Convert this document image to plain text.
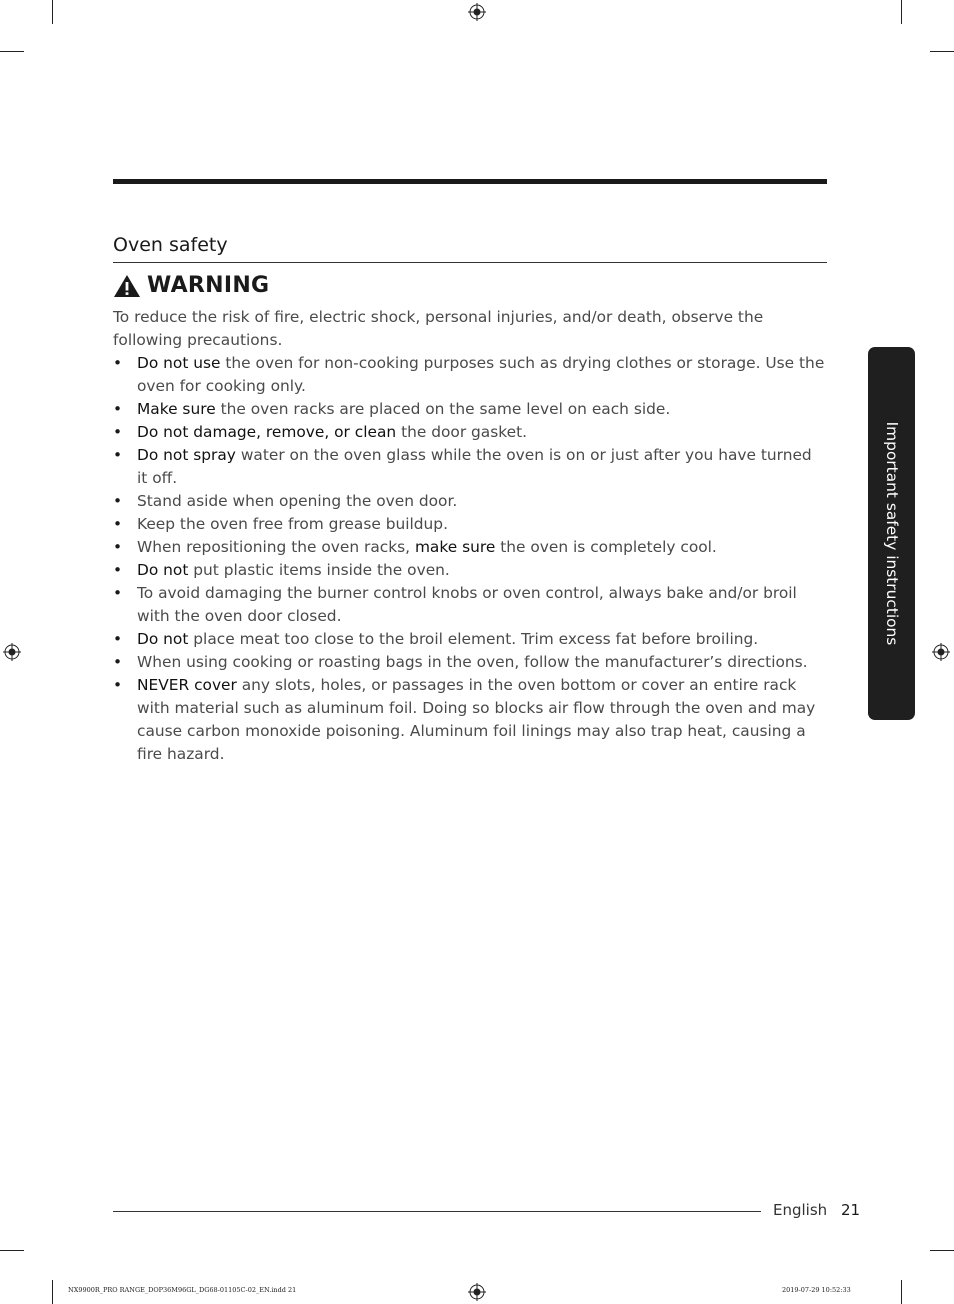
Oven safety
WARNING

To reduce the risk of fire, electric shock, personal injuries, and/or death, observe the following precautions.

• Do not use the oven for non-cooking purposes such as drying clothes or storage. Use the oven for cooking only.
• Make sure the oven racks are placed on the same level on each side.
• Do not damage, remove, or clean the door gasket.
• Do not spray water on the oven glass while the oven is on or just after you have turned it off.
• Stand aside when opening the oven door.
• Keep the oven free from grease buildup.
• When repositioning the oven racks, make sure the oven is completely cool.
• Do not put plastic items inside the oven.
• To avoid damaging the burner control knobs or oven control, always bake and/or broil with the oven door closed.
• Do not place meat too close to the broil element. Trim excess fat before broiling.
• When using cooking or roasting bags in the oven, follow the manufacturer’s directions.
• NEVER cover any slots, holes, or passages in the oven bottom or cover an entire rack with material such as aluminum foil. Doing so blocks air flow through the oven and may cause carbon monoxide poisoning. Aluminum foil linings may also trap heat, causing a fire hazard.
Important safety instructions
English 21
NX9900R_PRO RANGE_DOP36M96GL_DG68-01105C-02_EN.indd 21	2019-07-29 10:52:33
